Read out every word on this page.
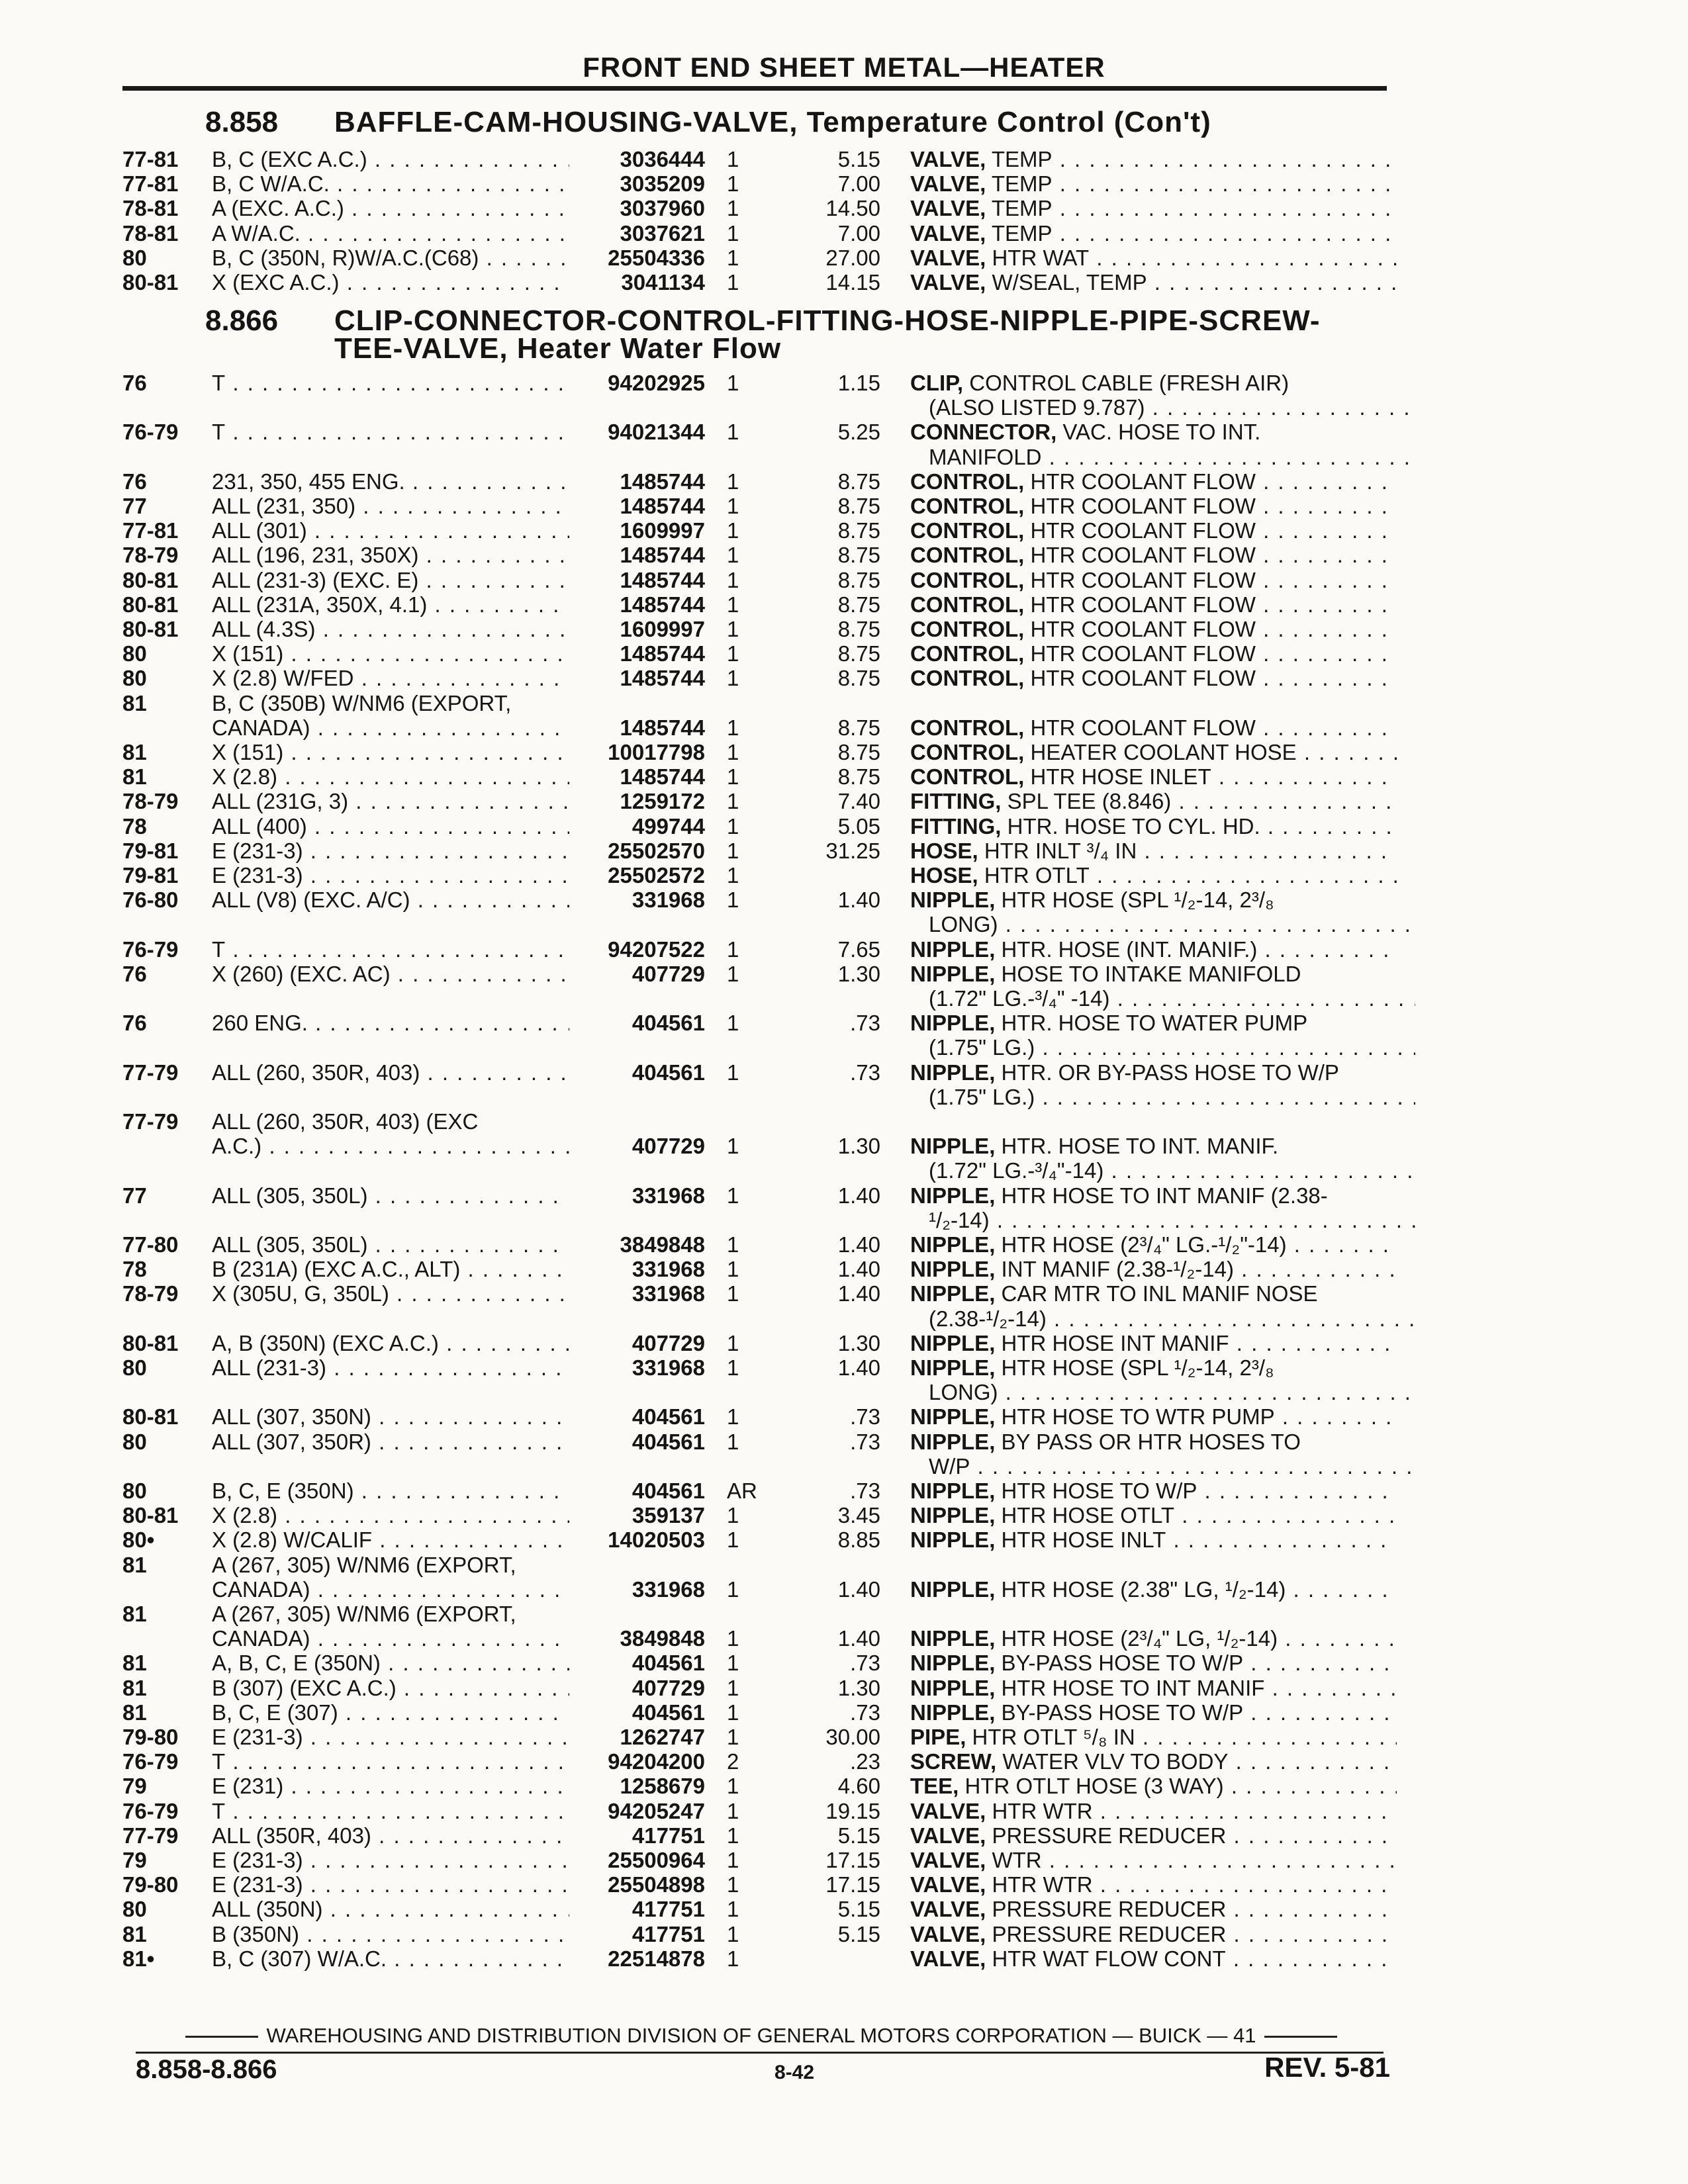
FRONT END SHEET METAL—HEATER
8.858 BAFFLE-CAM-HOUSING-VALVE, Temperature Control (Con't)
77-81 B, C (EXC A.C.) . . .	3036444 1	5.15 VALVE, TEMP . . .
77-81 B, C W/A.C. . . .	3035209 1	7.00 VALVE, TEMP . . .
78-81 A (EXC. A.C.) . . .	3037960 1	14.50 VALVE, TEMP . . .
78-81 A W/A.C. . . .	3037621 1	7.00 VALVE, TEMP . . .
80	B, C (350N, R)W/A.C.(C68) . . .	25504336 1	27.00 VALVE, HTR WAT . . .
80-81 X (EXC A.C.) . . .	3041134 1	14.15 VALVE, W/SEAL, TEMP . . .
8.866 CLIP-CONNECTOR-CONTROL-FITTING-HOSE-NIPPLE-PIPE-SCREW-
TEE-VALVE, Heater Water Flow
76	T . . .	94202925 1	1.15 CLIP, CONTROL CABLE (FRESH AIR)
(ALSO LISTED 9.787) . . .
76-79 T . . .	94021344 1	5.25 CONNECTOR, VAC. HOSE TO INT.
MANIFOLD . . .
76	231, 350, 455 ENG. . . .	1485744 1	8.75 CONTROL, HTR COOLANT FLOW . . .
77	ALL (231, 350) . . .	1485744 1	8.75 CONTROL, HTR COOLANT FLOW . . .
77-81 ALL (301) . . .	1609997 1	8.75 CONTROL, HTR COOLANT FLOW . . .
78-79 ALL (196, 231, 350X) . . .	1485744 1	8.75 CONTROL, HTR COOLANT FLOW . . .
80-81 ALL (231-3) (EXC. E) . . .	1485744 1	8.75 CONTROL, HTR COOLANT FLOW . . .
80-81 ALL (231A, 350X, 4.1) . . .	1485744 1	8.75 CONTROL, HTR COOLANT FLOW . . .
80-81 ALL (4.3S) . . .	1609997 1	8.75 CONTROL, HTR COOLANT FLOW . . .
80	X (151) . . .	1485744 1	8.75 CONTROL, HTR COOLANT FLOW . . .
80	X (2.8) W/FED . . .	1485744 1	8.75 CONTROL, HTR COOLANT FLOW . . .
81	B, C (350B) W/NM6 (EXPORT,
CANADA) . . .	1485744 1	8.75 CONTROL, HTR COOLANT FLOW . . .
81	X (151) . . .	10017798 1	8.75 CONTROL, HEATER COOLANT HOSE . . .
81	X (2.8) . . .	1485744 1	8.75 CONTROL, HTR HOSE INLET . . .
78-79 ALL (231G, 3) . . .	1259172 1	7.40 FITTING, SPL TEE (8.846) . . .
78	ALL (400) . . .	499744 1	5.05 FITTING, HTR. HOSE TO CYL. HD. . . .
79-81 E (231-3) . . .	25502570 1	31.25 HOSE, HTR INLT ³/₄ IN . . .
79-81 E (231-3) . . .	25502572 1	HOSE, HTR OTLT . . .
76-80 ALL (V8) (EXC. A/C) . . .	331968 1	1.40 NIPPLE, HTR HOSE (SPL ¹/₂-14, 2³/₈
LONG) . . .
76-79 T . . .	94207522 1	7.65 NIPPLE, HTR. HOSE (INT. MANIF.) . . .
76	X (260) (EXC. AC) . . .	407729 1	1.30 NIPPLE, HOSE TO INTAKE MANIFOLD
(1.72" LG.-³/₄" -14) . . .
76	260 ENG. . . .	404561 1	.73 NIPPLE, HTR. HOSE TO WATER PUMP
(1.75" LG.) . . .
77-79 ALL (260, 350R, 403) . . .	404561 1	.73 NIPPLE, HTR. OR BY-PASS HOSE TO W/P
(1.75" LG.) . . .
77-79 ALL (260, 350R, 403) (EXC
A.C.) . . .	407729 1	1.30 NIPPLE, HTR. HOSE TO INT. MANIF.
(1.72" LG.-³/₄"-14) . . .
77	ALL (305, 350L) . . .	331968 1	1.40 NIPPLE, HTR HOSE TO INT MANIF (2.38-
¹/₂-14) . . .
77-80 ALL (305, 350L) . . .	3849848 1	1.40 NIPPLE, HTR HOSE (2³/₄" LG.-¹/₂"-14) . . .
78	B (231A) (EXC A.C., ALT) . . .	331968 1	1.40 NIPPLE, INT MANIF (2.38-¹/₂-14) . . .
78-79 X (305U, G, 350L) . . .	331968 1	1.40 NIPPLE, CAR MTR TO INL MANIF NOSE
(2.38-¹/₂-14) . . .
80-81 A, B (350N) (EXC A.C.) . . .	407729 1	1.30 NIPPLE, HTR HOSE INT MANIF . . .
80	ALL (231-3) . . .	331968 1	1.40 NIPPLE, HTR HOSE (SPL ¹/₂-14, 2³/₈
LONG) . . .
80-81 ALL (307, 350N) . . .	404561 1	.73 NIPPLE, HTR HOSE TO WTR PUMP . . .
80	ALL (307, 350R) . . .	404561 1	.73 NIPPLE, BY PASS OR HTR HOSES TO
W/P . . .
80	B, C, E (350N) . . .	404561 AR	.73 NIPPLE, HTR HOSE TO W/P . . .
80-81 X (2.8) . . .	359137 1	3.45 NIPPLE, HTR HOSE OTLT . . .
80•	X (2.8) W/CALIF . . .	14020503 1	8.85 NIPPLE, HTR HOSE INLT . . .
81	A (267, 305) W/NM6 (EXPORT,
CANADA) . . .	331968 1	1.40 NIPPLE, HTR HOSE (2.38" LG, ¹/₂-14) . . .
81	A (267, 305) W/NM6 (EXPORT,
CANADA) . . .	3849848 1	1.40 NIPPLE, HTR HOSE (2³/₄" LG, ¹/₂-14) . . .
81	A, B, C, E (350N) . . .	404561 1	.73 NIPPLE, BY-PASS HOSE TO W/P . . .
81	B (307) (EXC A.C.) . . .	407729 1	1.30 NIPPLE, HTR HOSE TO INT MANIF . . .
81	B, C, E (307) . . .	404561 1	.73 NIPPLE, BY-PASS HOSE TO W/P . . .
79-80 E (231-3) . . .	1262747 1	30.00 PIPE, HTR OTLT ⁵/₈ IN . . .
76-79 T . . .	94204200 2	.23 SCREW, WATER VLV TO BODY . . .
79	E (231) . . .	1258679 1	4.60 TEE, HTR OTLT HOSE (3 WAY) . . .
76-79 T . . .	94205247 1	19.15 VALVE, HTR WTR . . .
77-79 ALL (350R, 403) . . .	417751 1	5.15 VALVE, PRESSURE REDUCER . . .
79	E (231-3) . . .	25500964 1	17.15 VALVE, WTR . . .
79-80 E (231-3) . . .	25504898 1	17.15 VALVE, HTR WTR . . .
80	ALL (350N) . . .	417751 1	5.15 VALVE, PRESSURE REDUCER . . .
81	B (350N) . . .	417751 1	5.15 VALVE, PRESSURE REDUCER . . .
81•	B, C (307) W/A.C. . . .	22514878 1	VALVE, HTR WAT FLOW CONT . . .
WAREHOUSING AND DISTRIBUTION DIVISION OF GENERAL MOTORS CORPORATION — BUICK — 41
8.858-8.866	8-42	REV. 5-81
